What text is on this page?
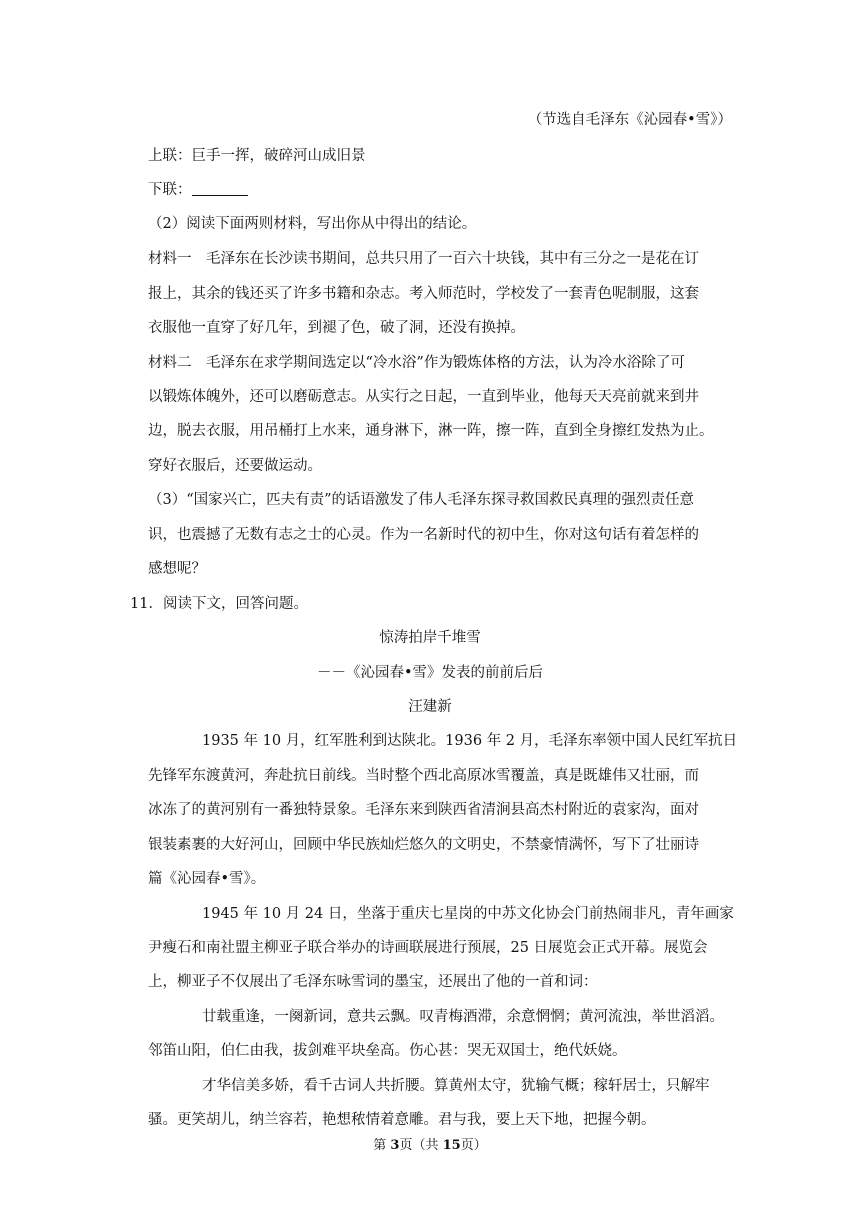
（节选自毛泽东《沁园春•雪》）
上联：巨手一挥，破碎河山成旧景
下联：
（2）阅读下面两则材料，写出你从中得出的结论。
材料一　毛泽东在长沙读书期间，总共只用了一百六十块钱，其中有三分之一是花在订
报上，其余的钱还买了许多书籍和杂志。考入师范时，学校发了一套青色呢制服，这套
衣服他一直穿了好几年，到褪了色，破了洞，还没有换掉。
材料二　毛泽东在求学期间选定以“冷水浴”作为锻炼体格的方法，认为冷水浴除了可
以锻炼体魄外，还可以磨砺意志。从实行之日起，一直到毕业，他每天天亮前就来到井
边，脱去衣服，用吊桶打上水来，通身淋下，淋一阵，擦一阵，直到全身擦红发热为止。
穿好衣服后，还要做运动。
（3）“国家兴亡，匹夫有责”的话语激发了伟人毛泽东探寻救国救民真理的强烈责任意
识，也震撼了无数有志之士的心灵。作为一名新时代的初中生，你对这句话有着怎样的
感想呢？
11．阅读下文，回答问题。
惊涛拍岸千堆雪
－－《沁园春•雪》发表的前前后后
汪建新
1935 年 10 月，红军胜利到达陕北。1936 年 2 月，毛泽东率领中国人民红军抗日
先锋军东渡黄河，奔赴抗日前线。当时整个西北高原冰雪覆盖，真是既雄伟又壮丽，而
冰冻了的黄河别有一番独特景象。毛泽东来到陕西省清涧县高杰村附近的袁家沟，面对
银装素裹的大好河山，回顾中华民族灿烂悠久的文明史，不禁豪情满怀，写下了壮丽诗
篇《沁园春•雪》。
1945 年 10 月 24 日，坐落于重庆七星岗的中苏文化协会门前热闹非凡，青年画家
尹瘦石和南社盟主柳亚子联合举办的诗画联展进行预展，25 日展览会正式开幕。展览会
上，柳亚子不仅展出了毛泽东咏雪词的墨宝，还展出了他的一首和词：
廿载重逢，一阕新词，意共云飘。叹青梅酒滞，余意惘惘；黄河流浊，举世滔滔。
邻笛山阳，伯仁由我，拔剑难平块垒高。伤心甚：哭无双国士，绝代妖娆。
才华信美多娇，看千古词人共折腰。算黄州太守，犹输气概；稼轩居士，只解牢
骚。更笑胡儿，纳兰容若，艳想秾情着意雕。君与我，要上天下地，把握今朝。
第 3页（共 15页）
